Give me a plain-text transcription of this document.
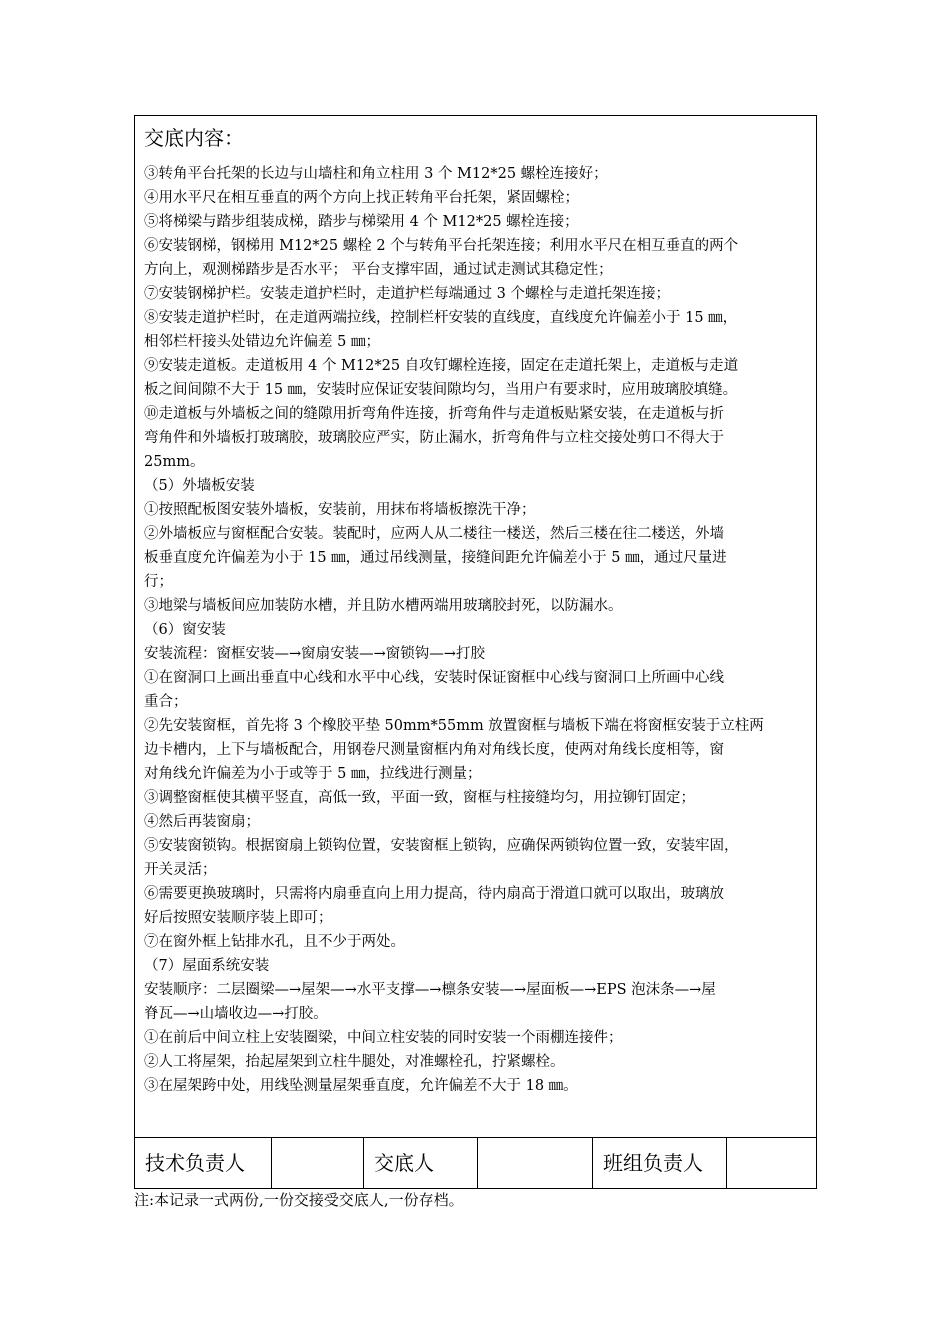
交底内容：

③转角平台托架的长边与山墙柱和角立柱用 3 个 M12*25 螺栓连接好；

④用水平尺在相互垂直的两个方向上找正转角平台托架，紧固螺栓；

⑤将梯梁与踏步组装成梯，踏步与梯梁用 4 个 M12*25 螺栓连接；

⑥安装钢梯，钢梯用 M12*25 螺栓 2 个与转角平台托架连接；利用水平尺在相互垂直的两个

方向上，观测梯踏步是否水平； 平台支撑牢固，通过试走测试其稳定性；

⑦安装钢梯护栏。安装走道护栏时，走道护栏每端通过 3 个螺栓与走道托架连接；

⑧安装走道护栏时，在走道两端拉线，控制栏杆安装的直线度，直线度允许偏差小于 15 ㎜，

相邻栏杆接头处错边允许偏差 5 ㎜；

⑨安装走道板。走道板用 4 个 M12*25 自攻钉螺栓连接，固定在走道托架上，走道板与走道

板之间间隙不大于 15 ㎜，安装时应保证安装间隙均匀，当用户有要求时，应用玻璃胶填缝。

⑩走道板与外墙板之间的缝隙用折弯角件连接，折弯角件与走道板贴紧安装，在走道板与折

弯角件和外墙板打玻璃胶，玻璃胶应严实，防止漏水，折弯角件与立柱交接处剪口不得大于

25mm。

（5）外墙板安装

①按照配板图安装外墙板，安装前，用抹布将墙板擦洗干净；

②外墙板应与窗框配合安装。装配时，应两人从二楼往一楼送，然后三楼在往二楼送，外墙

板垂直度允许偏差为小于 15 ㎜，通过吊线测量，接缝间距允许偏差小于 5 ㎜，通过尺量进

行；

③地梁与墙板间应加装防水槽，并且防水槽两端用玻璃胶封死，以防漏水。

（6）窗安装

安装流程：窗框安装—→窗扇安装—→窗锁钩—→打胶

①在窗洞口上画出垂直中心线和水平中心线，安装时保证窗框中心线与窗洞口上所画中心线

重合；

②先安装窗框，首先将 3 个橡胶平垫 50mm*55mm 放置窗框与墙板下端在将窗框安装于立柱两

边卡槽内，上下与墙板配合，用钢卷尺测量窗框内角对角线长度，使两对角线长度相等，窗

对角线允许偏差为小于或等于 5 ㎜，拉线进行测量；

③调整窗框使其横平竖直，高低一致，平面一致，窗框与柱接缝均匀，用拉铆钉固定；

④然后再装窗扇；

⑤安装窗锁钩。根据窗扇上锁钩位置，安装窗框上锁钩，应确保两锁钩位置一致，安装牢固，

开关灵活；

⑥需要更换玻璃时，只需将内扇垂直向上用力提高，待内扇高于滑道口就可以取出，玻璃放

好后按照安装顺序装上即可；

⑦在窗外框上钻排水孔，且不少于两处。

（7）屋面系统安装

安装顺序：二层圈梁—→屋架—→水平支撑—→檩条安装—→屋面板—→EPS 泡沫条—→屋

脊瓦—→山墙收边—→打胶。

①在前后中间立柱上安装圈梁，中间立柱安装的同时安装一个雨棚连接件；

②人工将屋架，抬起屋架到立柱牛腿处，对准螺栓孔，拧紧螺栓。

③在屋架跨中处，用线坠测量屋架垂直度，允许偏差不大于 18 ㎜。

技术负责人	交底人	班组负责人
注:本记录一式两份,一份交接受交底人,一份存档。
